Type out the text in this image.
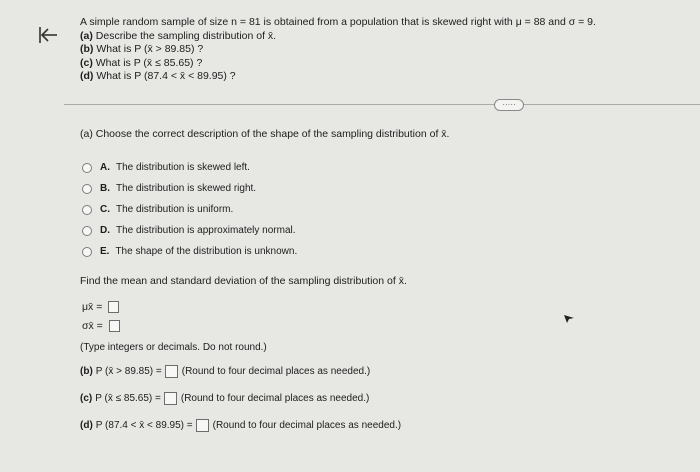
A simple random sample of size n = 81 is obtained from a population that is skewed right with μ = 88 and σ = 9.
(a) Describe the sampling distribution of x̄.
(b) What is P (x̄ > 89.85) ?
(c) What is P (x̄ ≤ 85.65) ?
(d) What is P (87.4 < x̄ < 89.95) ?
·····
(a) Choose the correct description of the shape of the sampling distribution of x̄.
A. The distribution is skewed left.
B. The distribution is skewed right.
C. The distribution is uniform.
D. The distribution is approximately normal.
E. The shape of the distribution is unknown.
Find the mean and standard deviation of the sampling distribution of x̄.
μx̄ =
σx̄ =
(Type integers or decimals. Do not round.)
(b) P (x̄ > 89.85) = (Round to four decimal places as needed.)
(c) P (x̄ ≤ 85.65) = (Round to four decimal places as needed.)
(d) P (87.4 < x̄ < 89.95) = (Round to four decimal places as needed.)
